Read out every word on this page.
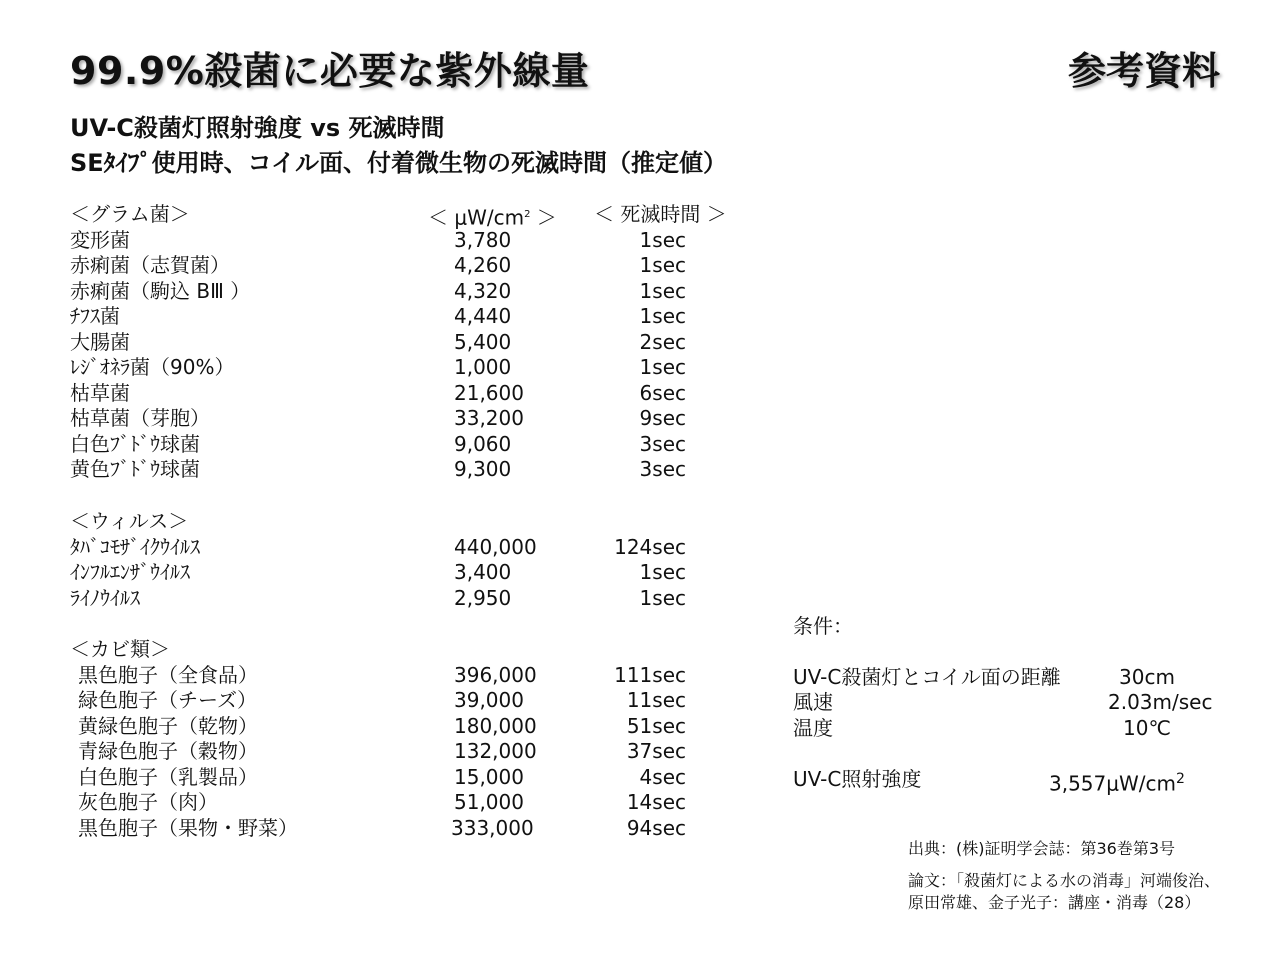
99.9%殺菌に必要な紫外線量	参考資料
UV-C殺菌灯照射強度 vs 死滅時間
SEﾀｲﾌﾟ使用時、コイル面、付着微生物の死滅時間（推定値）
＜グラム菌＞	＜ $\mu W/cm^2$ ＞ ＜ 死滅時間 ＞
変形菌	3,780	1sec
赤痢菌（志賀菌）	4,260	1sec
赤痢菌（駒込 BⅢ ）	4,320	1sec
ﾁﾌｽ菌	4,440	1sec
大腸菌	5,400	2sec
ﾚｼﾞｵﾈﾗ菌（90%）	1,000	1sec
枯草菌	21,600	6sec
枯草菌（芽胞）	33,200	9sec
白色ﾌﾞﾄﾞｳ球菌	9,060	3sec
黄色ﾌﾞﾄﾞｳ球菌	9,300	3sec
＜ウィルス＞
ﾀﾊﾞｺﾓｻﾞｲｸｳｲﾙｽ	440,000	124sec
ｲﾝﾌﾙｴﾝｻﾞｳｲﾙｽ	3,400	1sec
ﾗｲﾉｳｲﾙｽ	2,950	1sec
＜カビ類＞
黒色胞子（全食品）	396,000	111sec
緑色胞子（チーズ）	39,000	11sec
黄緑色胞子（乾物）	180,000	51sec
青緑色胞子（穀物）	132,000	37sec
白色胞子（乳製品）	15,000	4sec
灰色胞子（肉）	51,000	14sec
黒色胞子（果物・野菜）	333,000	94sec
条件：
UV-C殺菌灯とコイル面の距離	30cm
風速	2.03m/sec
温度	10℃
UV-C照射強度	$3,557\mu W/cm^2$
出典：(株)証明学会誌：第36巻第3号
論文：「殺菌灯による水の消毒」河端俊治、
原田常雄、金子光子：講座・消毒（28）
